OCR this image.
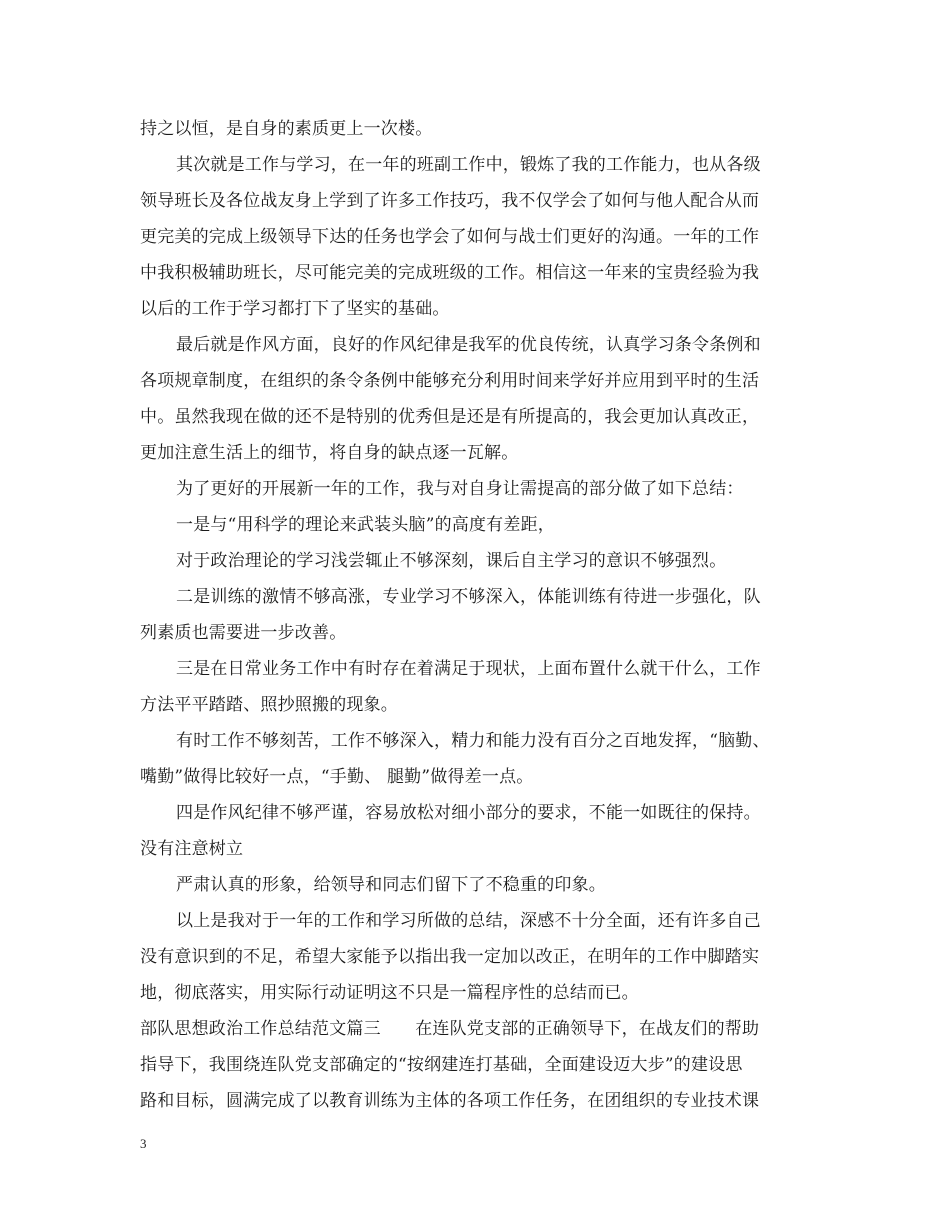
持之以恒，是自身的素质更上一次楼。
其次就是工作与学习，在一年的班副工作中，锻炼了我的工作能力，也从各级
领导班长及各位战友身上学到了许多工作技巧，我不仅学会了如何与他人配合从而
更完美的完成上级领导下达的任务也学会了如何与战士们更好的沟通。一年的工作
中我积极辅助班长，尽可能完美的完成班级的工作。相信这一年来的宝贵经验为我
以后的工作于学习都打下了坚实的基础。
最后就是作风方面，良好的作风纪律是我军的优良传统，认真学习条令条例和
各项规章制度，在组织的条令条例中能够充分利用时间来学好并应用到平时的生活
中。虽然我现在做的还不是特别的优秀但是还是有所提高的，我会更加认真改正，
更加注意生活上的细节，将自身的缺点逐一瓦解。
为了更好的开展新一年的工作，我与对自身让需提高的部分做了如下总结：
一是与“用科学的理论来武装头脑”的高度有差距，
对于政治理论的学习浅尝辄止不够深刻，课后自主学习的意识不够强烈。
二是训练的激情不够高涨，专业学习不够深入，体能训练有待进一步强化，队
列素质也需要进一步改善。
三是在日常业务工作中有时存在着满足于现状，上面布置什么就干什么，工作
方法平平踏踏、照抄照搬的现象。
有时工作不够刻苦，工作不够深入，精力和能力没有百分之百地发挥，“脑勤、
嘴勤”做得比较好一点，“手勤、 腿勤”做得差一点。
四是作风纪律不够严谨，容易放松对细小部分的要求，不能一如既往的保持。
没有注意树立
严肃认真的形象，给领导和同志们留下了不稳重的印象。
以上是我对于一年的工作和学习所做的总结，深感不十分全面，还有许多自己
没有意识到的不足，希望大家能予以指出我一定加以改正，在明年的工作中脚踏实
地，彻底落实，用实际行动证明这不只是一篇程序性的总结而已。
部队思想政治工作总结范文篇三　　在连队党支部的正确领导下，在战友们的帮助
指导下，我围绕连队党支部确定的“按纲建连打基础，全面建设迈大步”的建设思
路和目标，圆满完成了以教育训练为主体的各项工作任务，在团组织的专业技术课
3
